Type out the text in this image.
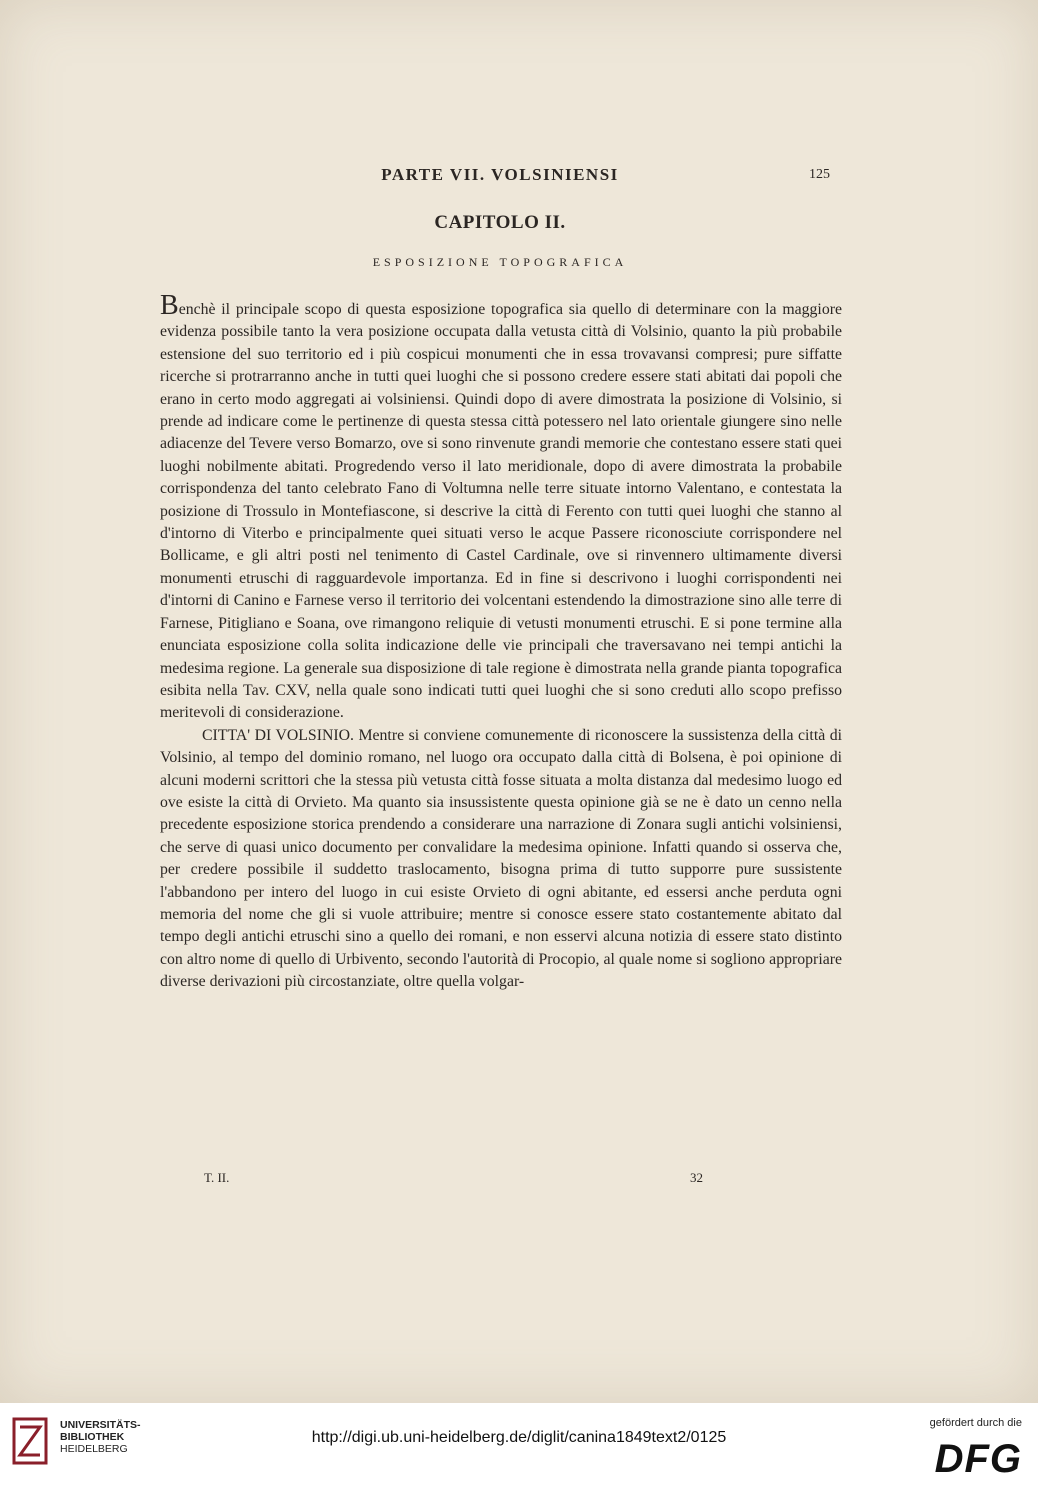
PARTE VII. VOLSINIENSI	125
CAPITOLO II.
ESPOSIZIONE TOPOGRAFICA

Benchè il principale scopo di questa esposizione topografica sia quello di determinare con la maggiore evidenza possibile tanto la vera posizione occupata dalla vetusta città di Volsinio, quanto la più probabile estensione del suo territorio ed i più cospicui monumenti che in essa trovavansi compresi; pure siffatte ricerche si protrarranno anche in tutti quei luoghi che si possono credere essere stati abitati dai popoli che erano in certo modo aggregati ai volsiniensi. Quindi dopo di avere dimostrata la posizione di Volsinio, si prende ad indicare come le pertinenze di questa stessa città potessero nel lato orientale giungere sino nelle adiacenze del Tevere verso Bomarzo, ove si sono rinvenute grandi memorie che contestano essere stati quei luoghi nobilmente abitati. Progredendo verso il lato meridionale, dopo di avere dimostrata la probabile corrispondenza del tanto celebrato Fano di Voltumna nelle terre situate intorno Valentano, e contestata la posizione di Trossulo in Montefiascone, si descrive la città di Ferento con tutti quei luoghi che stanno al d'intorno di Viterbo e principalmente quei situati verso le acque Passere riconosciute corrispondere nel Bollicame, e gli altri posti nel tenimento di Castel Cardinale, ove si rinvennero ultimamente diversi monumenti etruschi di ragguardevole importanza. Ed in fine si descrivono i luoghi corrispondenti nei d'intorni di Canino e Farnese verso il territorio dei volcentani estendendo la dimostrazione sino alle terre di Farnese, Pitigliano e Soana, ove rimangono reliquie di vetusti monumenti etruschi. E si pone termine alla enunciata esposizione colla solita indicazione delle vie principali che traversavano nei tempi antichi la medesima regione. La generale sua disposizione di tale regione è dimostrata nella grande pianta topografica esibita nella Tav. CXV, nella quale sono indicati tutti quei luoghi che si sono creduti allo scopo prefisso meritevoli di considerazione.

CITTA' DI VOLSINIO. Mentre si conviene comunemente di riconoscere la sussistenza della città di Volsinio, al tempo del dominio romano, nel luogo ora occupato dalla città di Bolsena, è poi opinione di alcuni moderni scrittori che la stessa più vetusta città fosse situata a molta distanza dal medesimo luogo ed ove esiste la città di Orvieto. Ma quanto sia insussistente questa opinione già se ne è dato un cenno nella precedente esposizione storica prendendo a considerare una narrazione di Zonara sugli antichi volsiniensi, che serve di quasi unico documento per convalidare la medesima opinione. Infatti quando si osserva che, per credere possibile il suddetto traslocamento, bisogna prima di tutto supporre pure sussistente l'abbandono per intero del luogo in cui esiste Orvieto di ogni abitante, ed essersi anche perduta ogni memoria del nome che gli si vuole attribuire; mentre si conosce essere stato costantemente abitato dal tempo degli antichi etruschi sino a quello dei romani, e non esservi alcuna notizia di essere stato distinto con altro nome di quello di Urbivento, secondo l'autorità di Procopio, al quale nome si sogliono appropriare diverse derivazioni più circostanziate, oltre quella volgar-

T. II.	32
UNIVERSITÄTS-
BIBLIOTHEK
HEIDELBERG
http://digi.ub.uni-heidelberg.de/diglit/canina1849text2/0125
gefördert durch die
DFG
